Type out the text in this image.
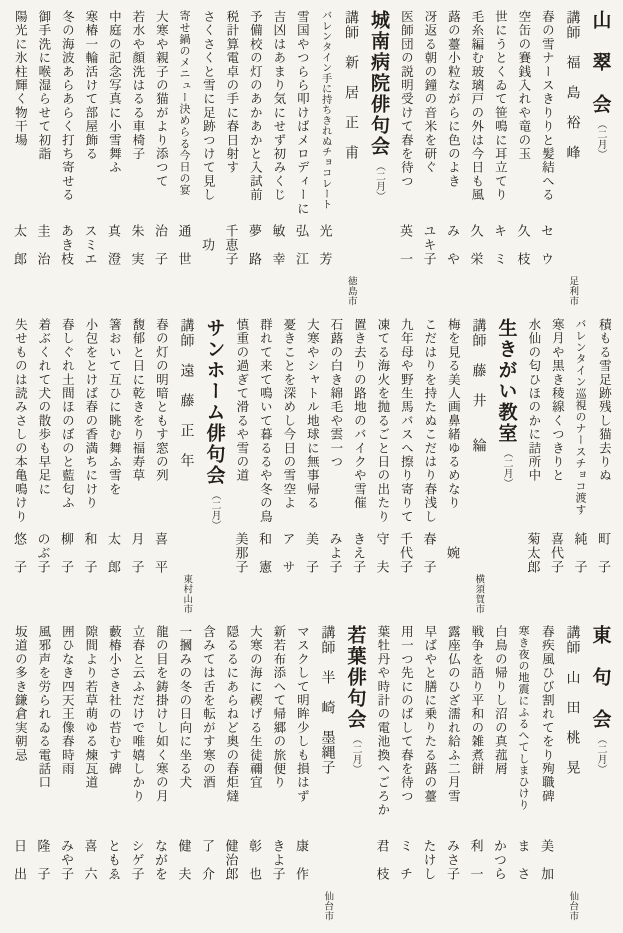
山　翠　会
（二月）
講師　福　島　裕　峰
足利市
春の雪ナースきりりと髪結へる
セ　ウ
空缶の賽銭入れや竜の玉
久　枝
世にうとくゐて笹鳴に耳立てり
キ　ミ
毛糸編む玻璃戸の外は今日も風
久　栄
蕗の薹小粒ながらに色のよき
み　や
冴返る朝の鐘の音米を研ぐ
ユキ子
医師団の説明受けて春を待つ
英　一
城南病院俳句会
（二月）
講師　新　居　正　甫
徳島市
バレンタイン手に持ちきれぬチョコレート
光　芳
雪国やつらら叩けばメロディーに
弘　江
吉凶はあまり気にせず初みくじ
敏　幸
予備校の灯のあかあかと入試前
夢　路
税計算電卓の手に春日射す
千恵子
さくさくと雪に足跡つけて見し
　功
寄せ鍋のメニュー決めらる今日の宴
通　世
大寒や親子の猫がより添つて
治　子
若水や顔洗はるる車椅子
朱　実
中庭の記念写真に小雪舞ふ
真　澄
寒椿一輪活けて部屋飾る
スミエ
冬の海波あらあらく打ち寄せる
あき枝
御手洗に喉湿らせて初詣
圭　治
陽光に氷柱輝く物干場
太　郎
積もる雪足跡残し猫去りぬ
町　子
バレンタイン巡視のナースチョコ渡す
純　子
寒月や黒き稜線くつきりと
喜代子
水仙の匂ひほのかに詰所中
菊太郎
生きがい教室
（二月）
講師　藤　井　　綸
横須賀市
梅を見る美人画鼻緒ゆるめなり
　婉
こだはりを持たぬこだはり春浅し
春　子
九年母や野生馬バスへ擦り寄りて
千代子
凍てる海火を抛るごと日の出たり
守　夫
置き去りの路地のバイクや雪催
きえ子
石蕗の白き綿毛や雲一つ
みよ子
大寒やシャトル地球に無事帰る
美　子
憂きことを深めし今日の雪空よ
ア　サ
群れて来て鳴いて暮るるや冬の鳥
和　憲
慎重の過ぎて滑るや雪の道
美那子
サンホーム俳句会
（二月）
講師　遠　藤　正　年
東村山市
春の灯の明暗ともす窓の列
喜　平
馥郁と日に乾きをり福寿草
月　子
箸おいて互ひに眺む舞ふ雪を
太　郎
小包をとけば春の香満ちにけり
和　子
春しぐれ土間ほのぼのと藍匂ふ
柳　子
着ぶくれて犬の散歩も早足に
のぶ子
失せものは読みさしの本亀鳴けり
悠　子
東　句　会
（二月）
講師　山　田　桃　晃
仙台市
春疾風ひび割れてをり殉職碑
美　加
寒き夜の地震にふるへてしまひけり
ま　さ
白鳥の帰りし沼の真菰屑
かつら
戦争を語り平和の雑煮餅
利　一
露座仏のひざ濡れ給ふ二月雪
みさ子
早ばやと膳に乗りたる蕗の薹
たけし
用一つ先にのばして春を待つ
ミ　チ
葉牡丹や時計の電池換へごろか
君　枝
若葉俳句会
（二月）
講師　半　崎　墨縄子
仙台市
マスクして明眸少しも損はず
康　作
新若布添へて帰郷の旅便り
きよ子
大寒の海に禊げる生徒禰宜
彰　也
隠るるにあらねど奥の春炬燵
健治郎
含みては舌を転がす寒の酒
了　介
一摑みの冬の日向に坐る犬
健　夫
龍の目を鋳掛けし如く寒の月
ながを
立春と云ふだけで唯嬉しかり
シゲ子
藪椿小さき社の苔むす碑
ともゑ
隙間より若草萌ゆる煉瓦道
喜　六
囲ひなき四天王像春時雨
みや子
風邪声を労られゐる電話口
隆　子
坂道の多き鎌倉実朝忌
日　出
